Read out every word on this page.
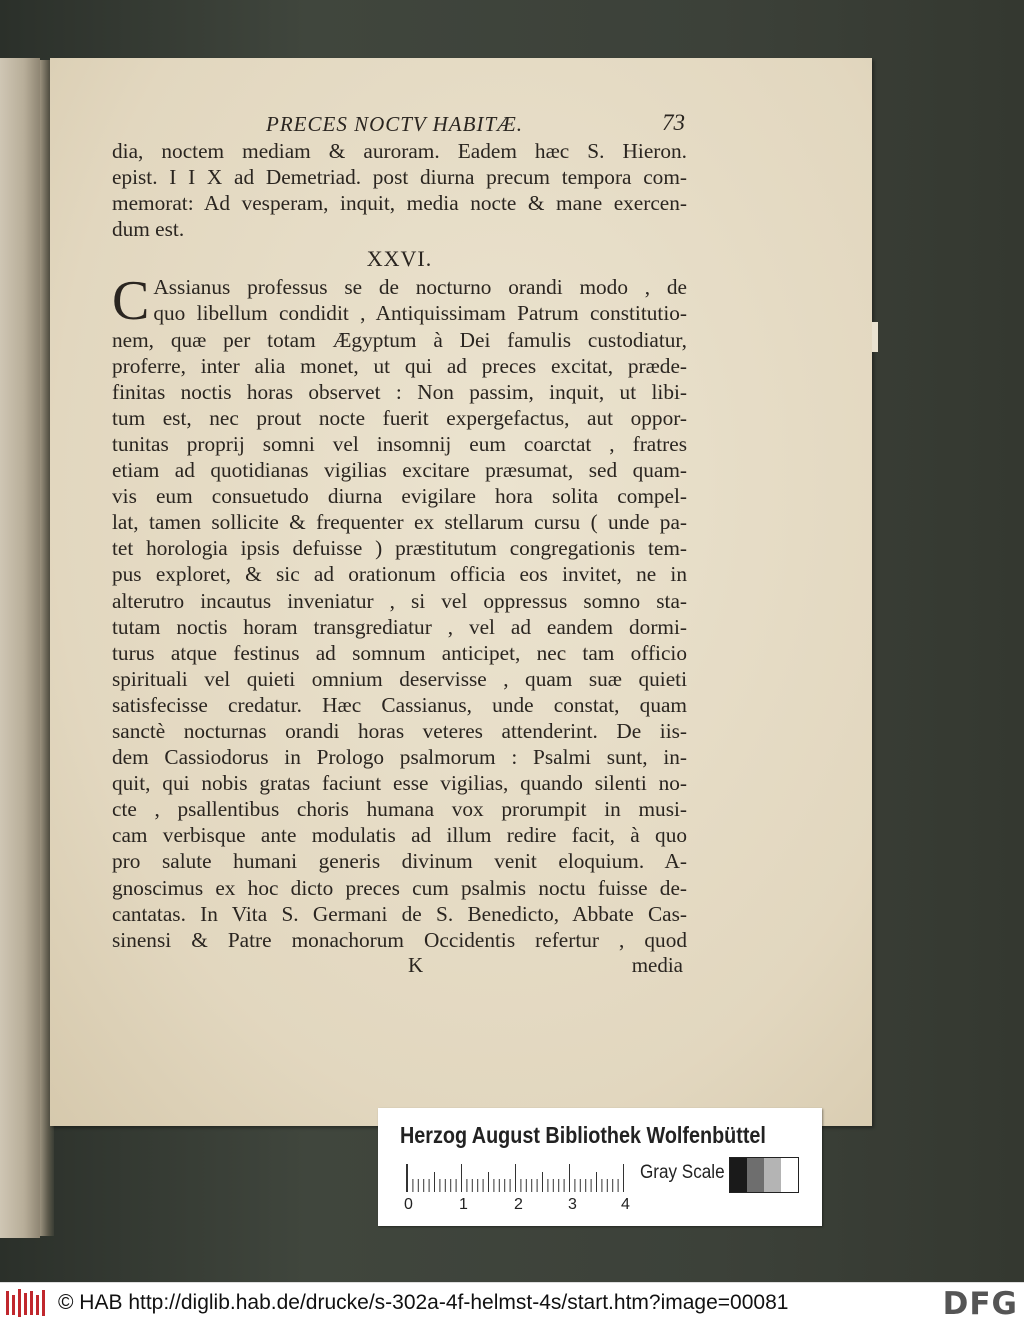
PRECES NOCTV HABITÆ.	73
dia, noctem mediam & auroram. Eadem hæc S. Hieron.
epist. I I X ad Demetriad. post diurna precum tempora com-
memorat: Ad vesperam, inquit, media nocte & mane exercen-
dum est.
XXVI.
C Assianus professus se de nocturno orandi modo , de
quo libellum condidit , Antiquissimam Patrum constitutio-
nem, quæ per totam Ægyptum à Dei famulis custodiatur,
proferre, inter alia monet, ut qui ad preces excitat, præde-
finitas noctis horas observet : Non passim, inquit, ut libi-
tum est, nec prout nocte fuerit expergefactus, aut oppor-
tunitas proprij somni vel insomnij eum coarctat , fratres
etiam ad quotidianas vigilias excitare præsumat, sed quam-
vis eum consuetudo diurna evigilare hora solita compel-
lat, tamen sollicite & frequenter ex stellarum cursu ( unde pa-
tet horologia ipsis defuisse ) præstitutum congregationis tem-
pus exploret, & sic ad orationum officia eos invitet, ne in
alterutro incautus inveniatur , si vel oppressus somno sta-
tutam noctis horam transgrediatur , vel ad eandem dormi-
turus atque festinus ad somnum anticipet, nec tam officio
spirituali vel quieti omnium deservisse , quam suæ quieti
satisfecisse credatur. Hæc Cassianus, unde constat, quam
sanctè nocturnas orandi horas veteres attenderint. De iis-
dem Cassiodorus in Prologo psalmorum : Psalmi sunt, in-
quit, qui nobis gratas faciunt esse vigilias, quando silenti no-
cte , psallentibus choris humana vox prorumpit in musi-
cam verbisque ante modulatis ad illum redire facit, à quo
pro salute humani generis divinum venit eloquium. A-
gnoscimus ex hoc dicto preces cum psalmis noctu fuisse de-
cantatas. In Vita S. Germani de S. Benedicto, Abbate Cas-
sinensi & Patre monachorum Occidentis refertur , quod
K	media
Herzog August Bibliothek Wolfenbüttel
0	1	2	3	4
Gray Scale
© HAB http://diglib.hab.de/drucke/s-302a-4f-helmst-4s/start.htm?image=00081	DFG
